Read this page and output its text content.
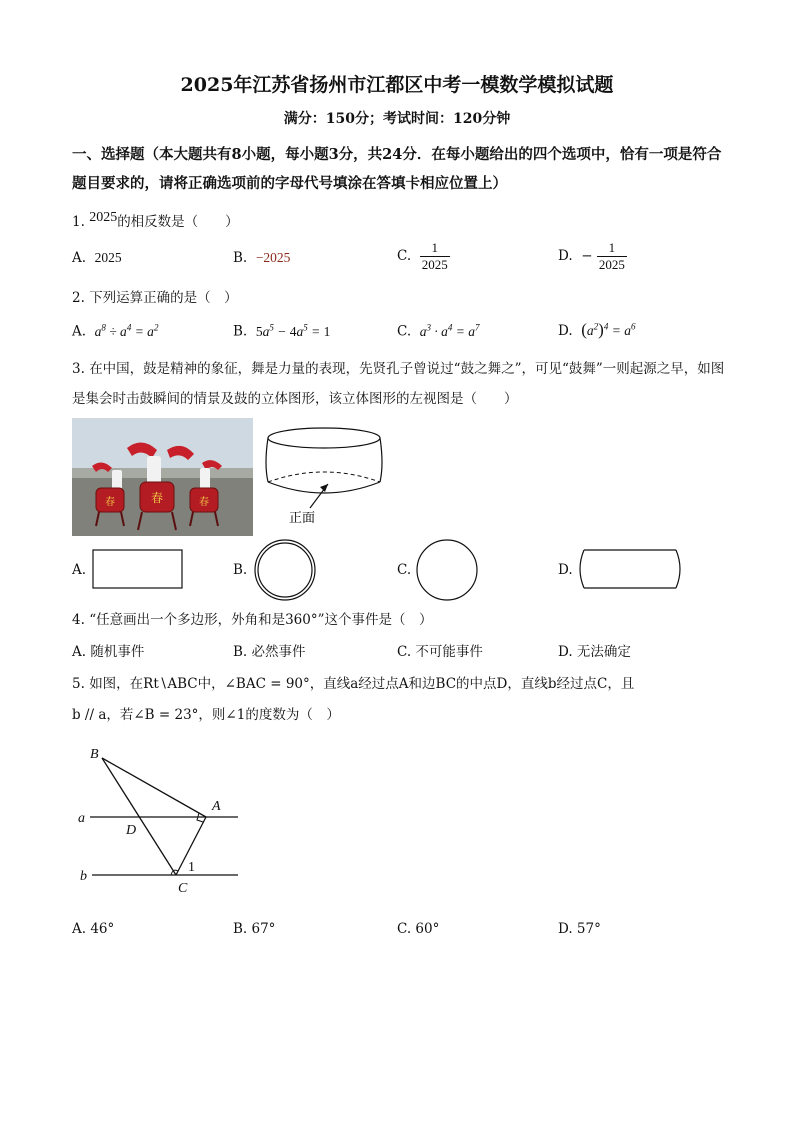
2025年江苏省扬州市江都区中考一模数学模拟试题
满分：150分；考试时间：120分钟
一、选择题（本大题共有8小题，每小题3分，共24分．在每小题给出的四个选项中，恰有一项是符合题目要求的，请将正确选项前的字母代号填涂在答填卡相应位置上）
1. 2025的相反数是（　　）
A. 2025	B. −2025	C. $\frac{1}{2025}$	D. − $\frac{1}{2025}$
2. 下列运算正确的是（　）
A. $a^8 \div a^4 = a^2$	B. $5a^5 - 4a^5 = 1$	C. $a^3 \cdot a^4 = a^7$	D. $(a^2)^4 = a^6$
3. 在中国，鼓是精神的象征，舞是力量的表现，先贤孔子曾说过“鼓之舞之”，可见“鼓舞”一则起源之早，如图是集会时击鼓瞬间的情景及鼓的立体图形，该立体图形的左视图是（　　）
春
春	春
正面
A.	B.	C.	D.
4. “任意画出一个多边形，外角和是360°”这个事件是（　）
A. 随机事件	B. 必然事件	C. 不可能事件	D. 无法确定
5. 如图，在Rt∖ABC中，∠BAC = 90°，直线a经过点A和边BC的中点D，直线b经过点C，且
b // a，若∠B = 23°，则∠1的度数为（　）
B
A
D
C
a
b
1
A. 46°	B. 67°	C. 60°	D. 57°
